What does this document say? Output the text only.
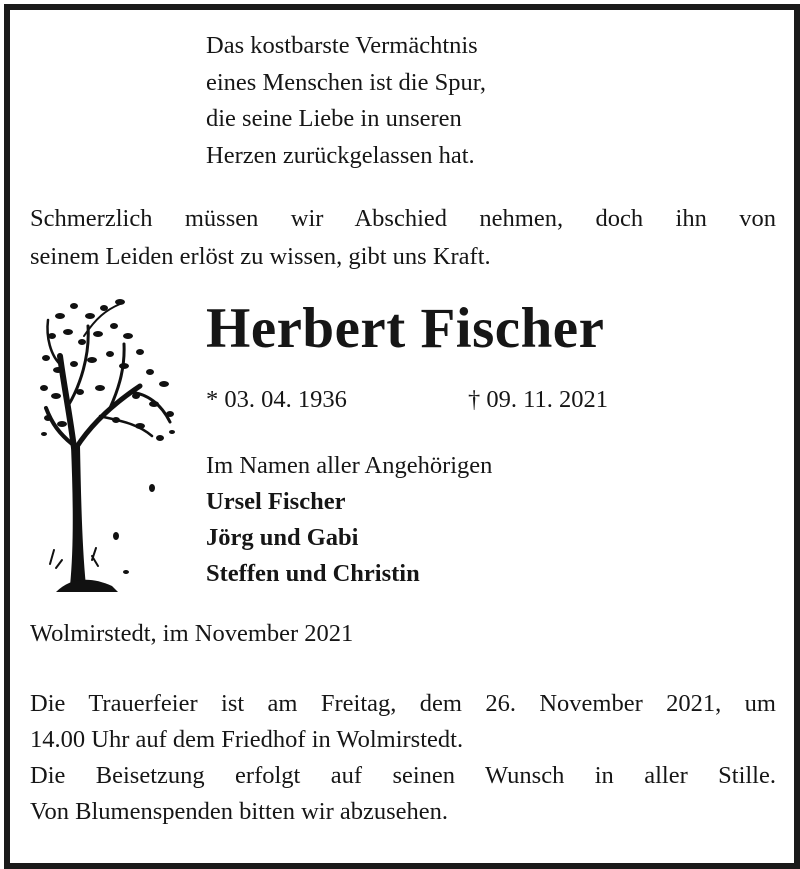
Das kostbarste Vermächtnis
eines Menschen ist die Spur,
die seine Liebe in unseren
Herzen zurückgelassen hat.
Schmerzlich müssen wir Abschied nehmen, doch ihn von
seinem Leiden erlöst zu wissen, gibt uns Kraft.
Herbert Fischer
* 03. 04. 1936	† 09. 11. 2021
Im Namen aller Angehörigen
Ursel Fischer
Jörg und Gabi
Steffen und Christin
Wolmirstedt, im November 2021
Die Trauerfeier ist am Freitag, dem 26. November 2021, um
14.00 Uhr auf dem Friedhof in Wolmirstedt.
Die Beisetzung erfolgt auf seinen Wunsch in aller Stille.
Von Blumenspenden bitten wir abzusehen.
